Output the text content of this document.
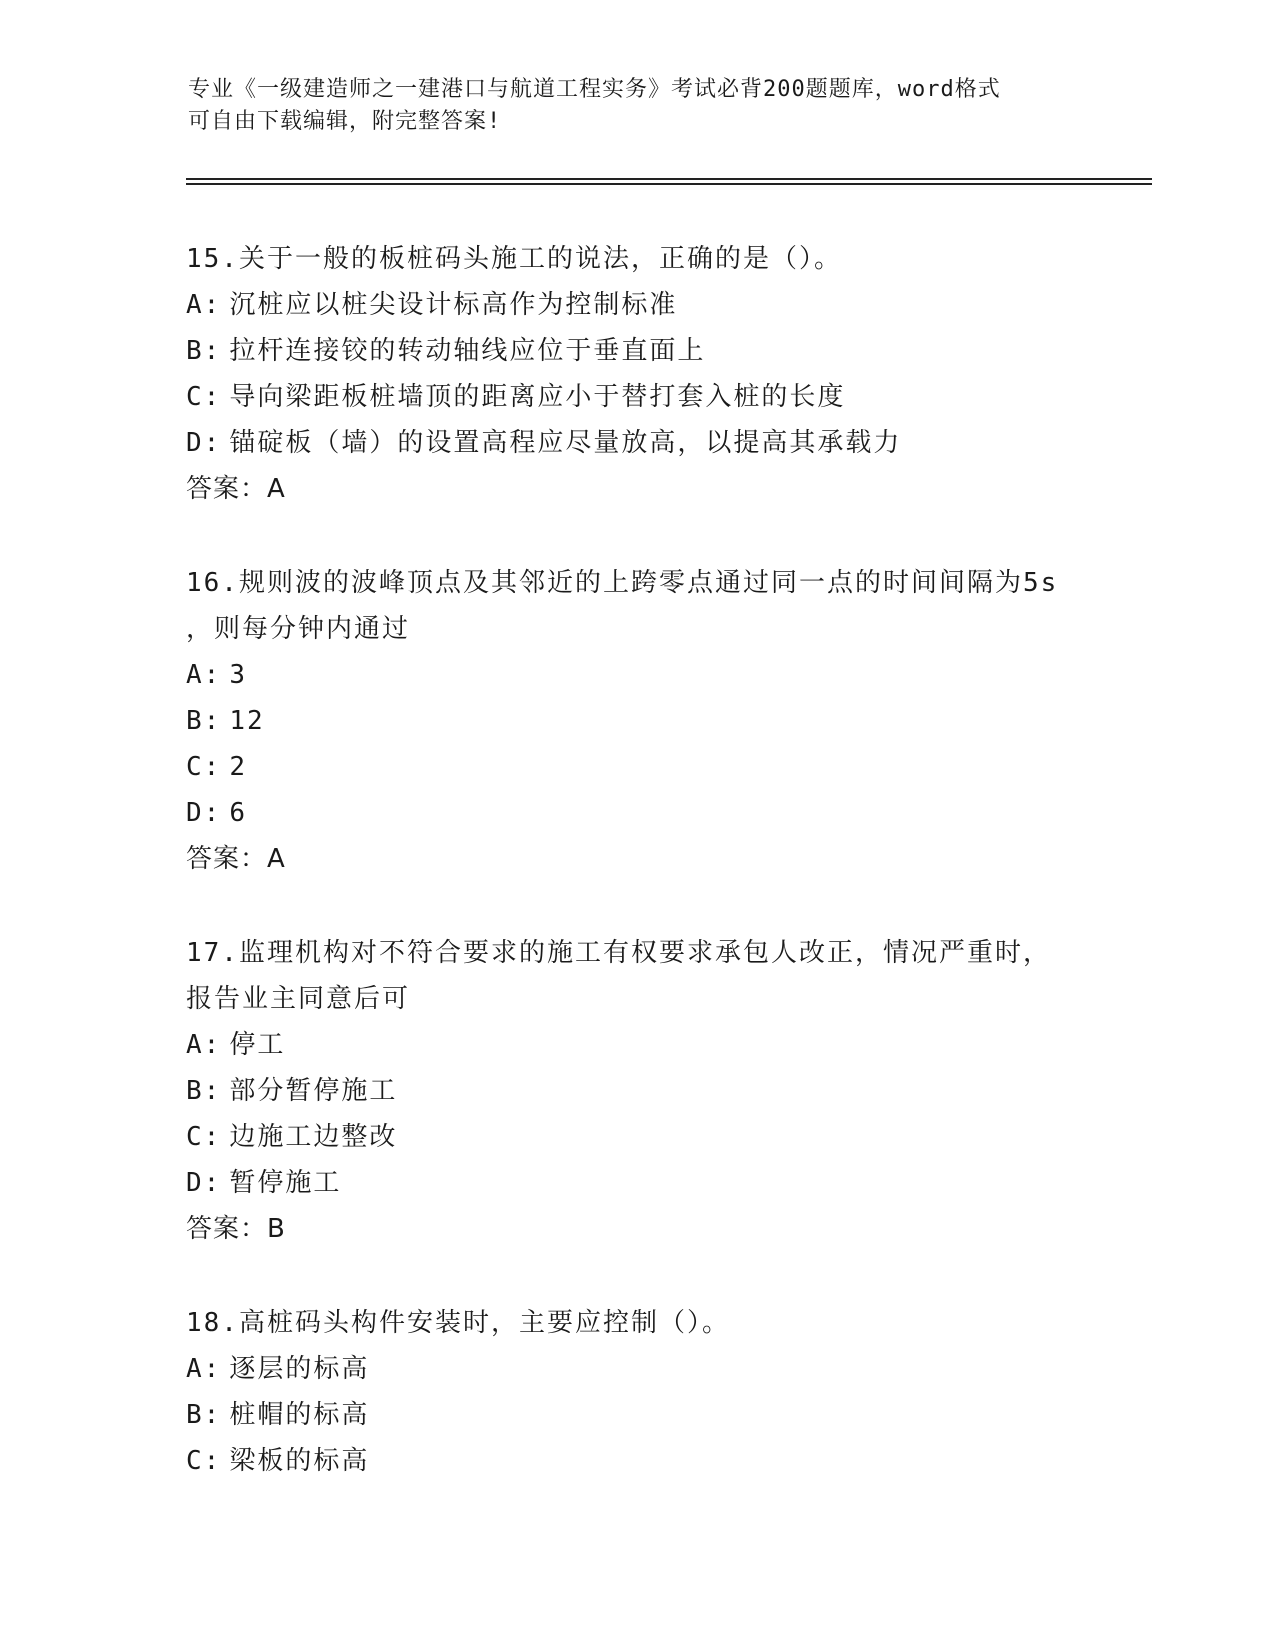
专业《一级建造师之一建港口与航道工程实务》考试必背200题题库，word格式
可自由下载编辑，附完整答案!

15.关于一般的板桩码头施工的说法，正确的是（）。

A: 沉桩应以桩尖设计标高作为控制标准

B: 拉杆连接铰的转动轴线应位于垂直面上

C: 导向梁距板桩墙顶的距离应小于替打套入桩的长度

D: 锚碇板（墙）的设置高程应尽量放高，以提高其承载力

答案：A

16.规则波的波峰顶点及其邻近的上跨零点通过同一点的时间间隔为5s

，则每分钟内通过

A: 3

B: 12

C: 2

D: 6

答案：A

17.监理机构对不符合要求的施工有权要求承包人改正，情况严重时，

报告业主同意后可

A: 停工

B: 部分暂停施工

C: 边施工边整改

D: 暂停施工

答案：B

18.高桩码头构件安装时，主要应控制（）。

A: 逐层的标高

B: 桩帽的标高

C: 梁板的标高
